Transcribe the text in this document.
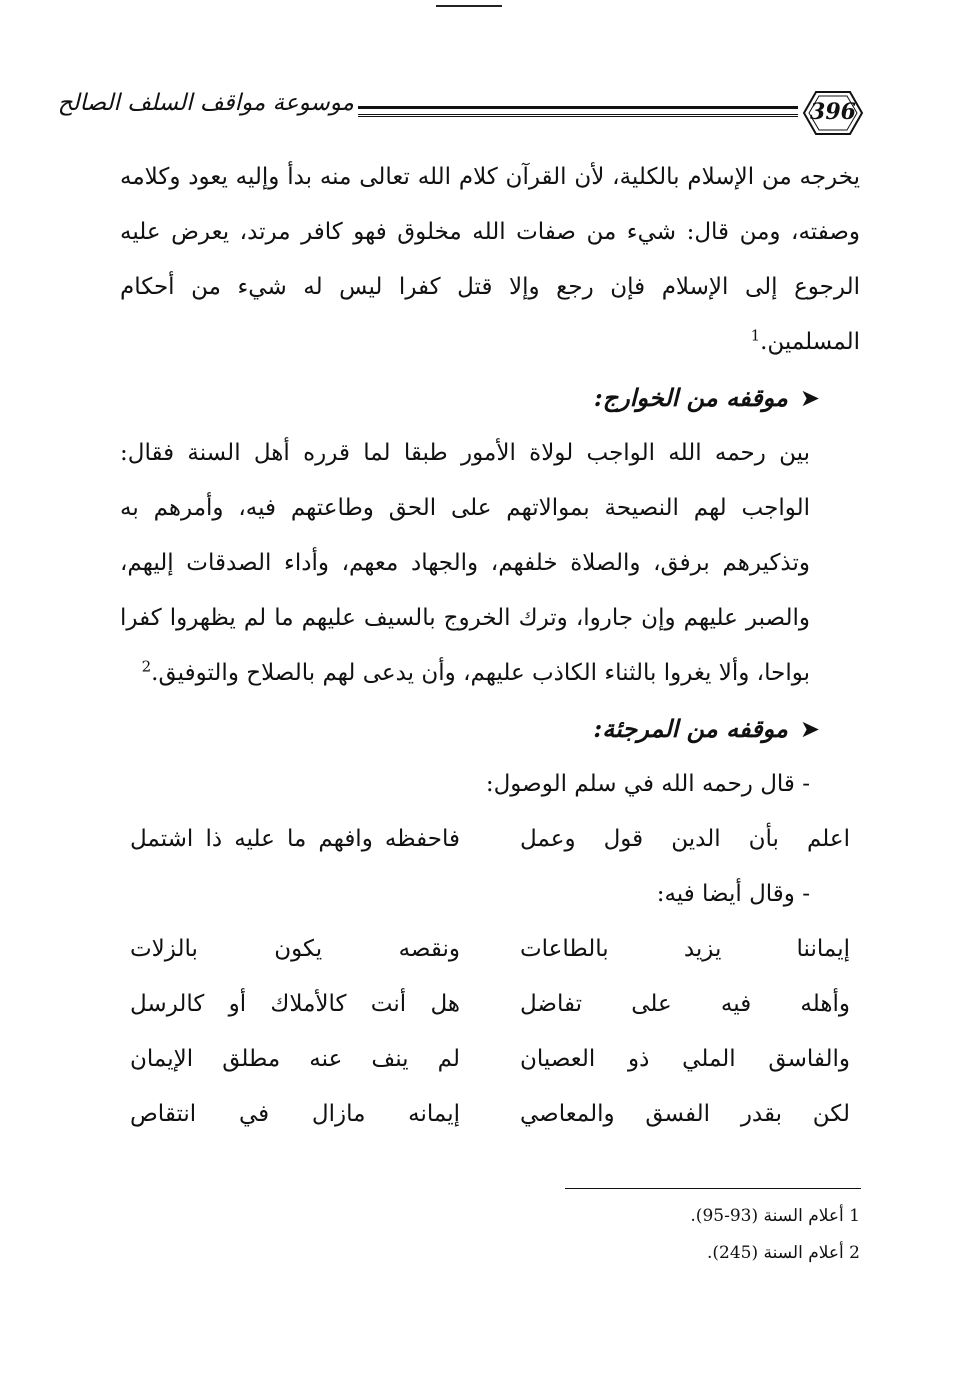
396
موسوعة مواقف السلف الصالح

يخرجه من الإسلام بالكلية، لأن القرآن كلام الله تعالى منه بدأ وإليه يعود وكلامه وصفته، ومن قال: شيء من صفات الله مخلوق فهو كافر مرتد، يعرض عليه الرجوع إلى الإسلام فإن رجع وإلا قتل كفرا ليس له شيء من أحكام المسلمين.$^1$

➤موقفه من الخوارج:

بين رحمه الله الواجب لولاة الأمور طبقا لما قرره أهل السنة فقال: الواجب لهم النصيحة بموالاتهم على الحق وطاعتهم فيه، وأمرهم به وتذكيرهم برفق، والصلاة خلفهم، والجهاد معهم، وأداء الصدقات إليهم، والصبر عليهم وإن جاروا، وترك الخروج بالسيف عليهم ما لم يظهروا كفرا بواحا، وألا يغروا بالثناء الكاذب عليهم، وأن يدعى لهم بالصلاح والتوفيق.$^2$

➤موقفه من المرجئة:

- قال رحمه الله في سلم الوصول:

اعلم بأن الدين قول وعمل
فاحفظه وافهم ما عليه ذا اشتمل

- وقال أيضا فيه:

إيماننا يزيد بالطاعات
ونقصه يكون بالزلات
وأهله فيه على تفاضل
هل أنت كالأملاك أو كالرسل
والفاسق الملي ذو العصيان
لم ينف عنه مطلق الإيمان
لكن بقدر الفسق والمعاصي
إيمانه مازال في انتقاص

1 أعلام السنة (93-95).

2 أعلام السنة (245).
